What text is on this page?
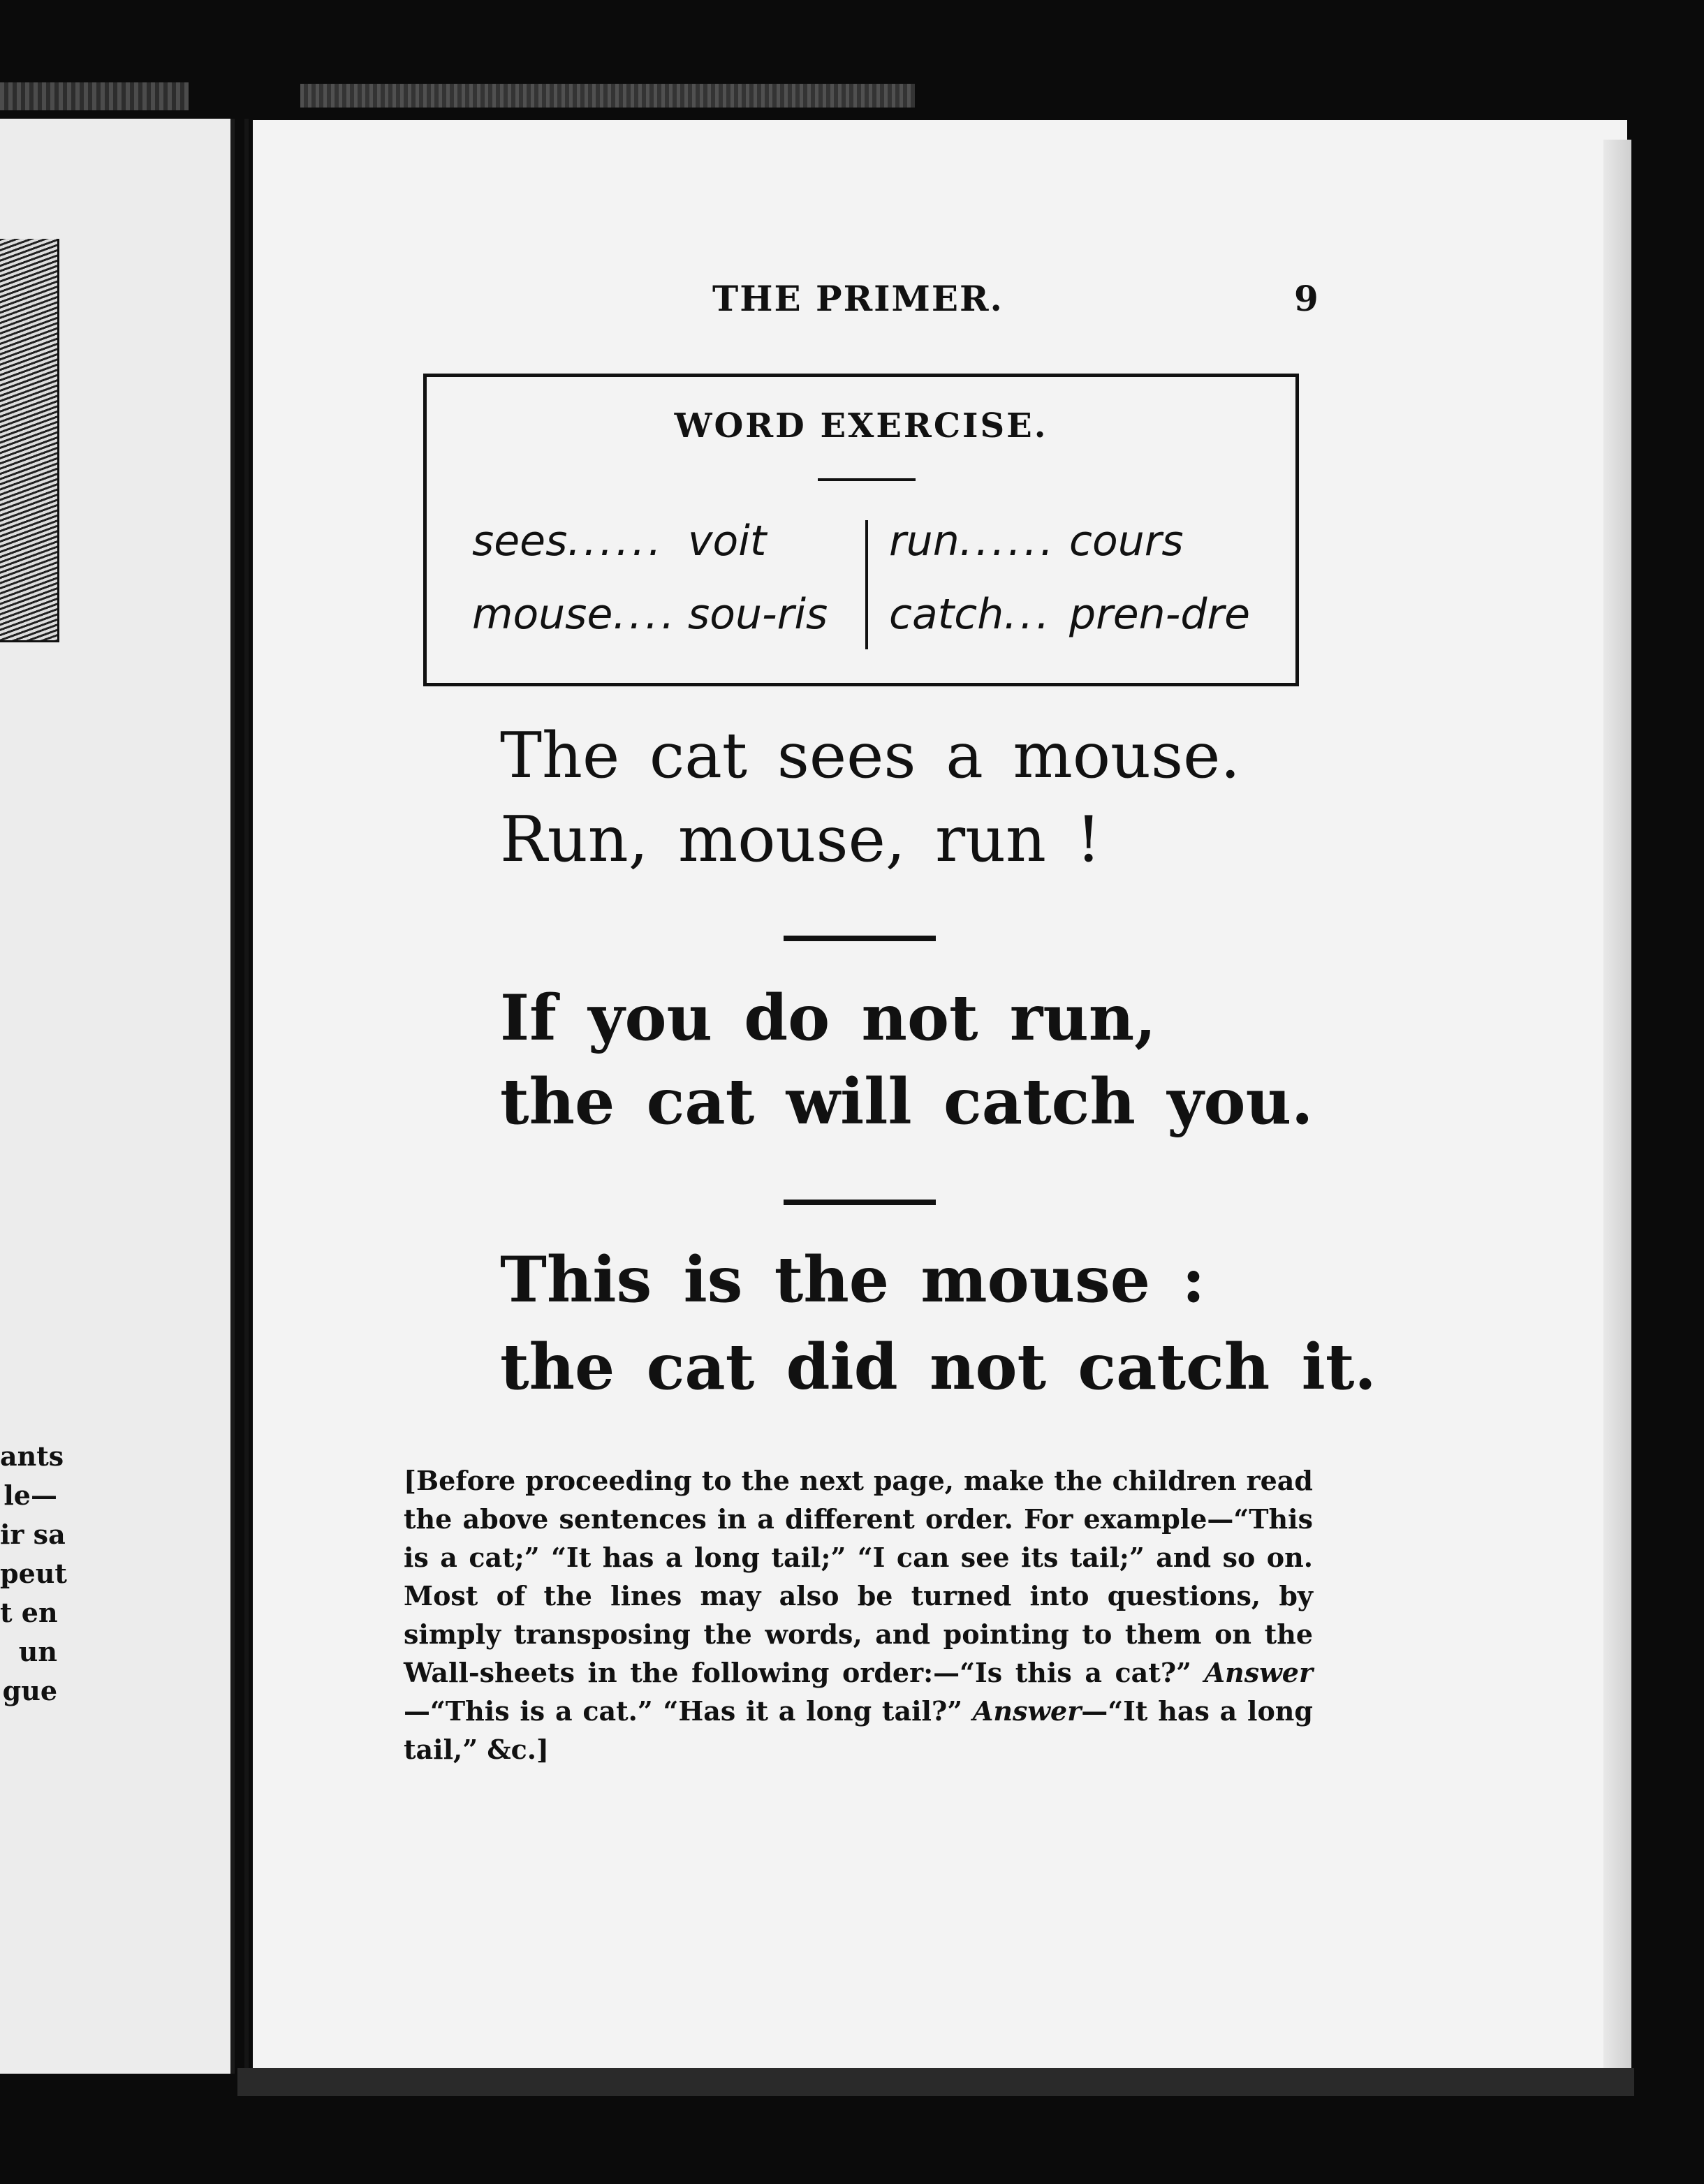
ants
le—
ir sa
peut
t en
un
gue
THE PRIMER.	9
WORD EXERCISE.
sees...... voit
mouse.... sou-ris
run...... cours
catch... pren-dre
The cat sees a mouse.
Run, mouse, run !
If you do not run,
the cat will catch you.
This is the mouse :
the cat did not catch it.
[Before proceeding to the next page, make the children read the above sentences in a different order. For example—“This is a cat;” “It has a long tail;” “I can see its tail;” and so on. Most of the lines may also be turned into questions, by simply transposing the words, and pointing to them on the Wall-sheets in the following order:—“Is this a cat?” Answer—“This is a cat.” “Has it a long tail?” Answer—“It has a long tail,” &c.]
